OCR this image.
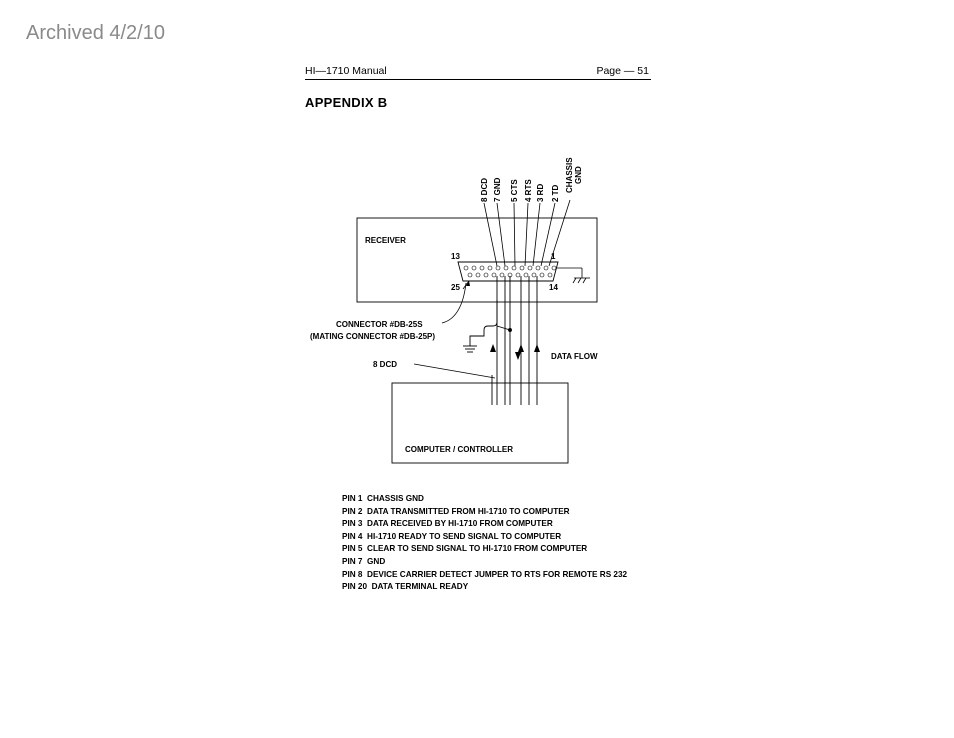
Archived 4/2/10
HI—1710 Manual	Page — 51
APPENDIX B
8 DCD 7 GND 5 CTS 4 RTS 3 RD 2 TD
CHASSIS GND
RECEIVER
13	1
25	14
DATA FLOW
CONNECTOR #DB-25S
(MATING CONNECTOR #DB-25P)
8 DCD
COMPUTER / CONTROLLER
PIN 1  CHASSIS GND
PIN 2  DATA TRANSMITTED FROM HI-1710 TO COMPUTER
PIN 3  DATA RECEIVED BY HI-1710 FROM COMPUTER
PIN 4  HI-1710 READY TO SEND SIGNAL TO COMPUTER
PIN 5  CLEAR TO SEND SIGNAL TO HI-1710 FROM COMPUTER
PIN 7  GND
PIN 8  DEVICE CARRIER DETECT JUMPER TO RTS FOR REMOTE RS 232
PIN 20  DATA TERMINAL READY
